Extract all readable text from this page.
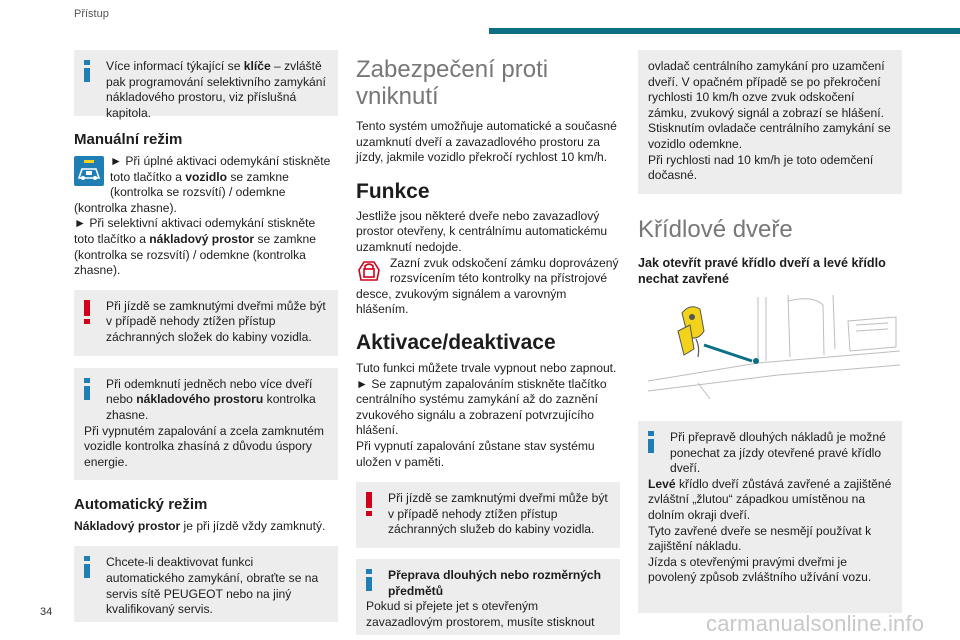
Přístup
Více informací týkající se klíče – zvláště pak programování selektivního zamykání nákladového prostoru, viz příslušná kapitola.
Manuální režim
► Při úplné aktivaci odemykání stiskněte toto tlačítko a vozidlo se zamkne (kontrolka se rozsvítí) / odemkne (kontrolka zhasne).
► Při selektivní aktivaci odemykání stiskněte toto tlačítko a nákladový prostor se zamkne (kontrolka se rozsvítí) / odemkne (kontrolka zhasne).
Při jízdě se zamknutými dveřmi může být v případě nehody ztížen přístup záchranných složek do kabiny vozidla.
Při odemknutí jedněch nebo více dveří nebo nákladového prostoru kontrolka zhasne.
Při vypnutém zapalování a zcela zamknutém vozidle kontrolka zhasíná z důvodu úspory energie.
Automatický režim
Nákladový prostor je při jízdě vždy zamknutý.
Chcete-li deaktivovat funkci automatického zamykání, obraťte se na servis sítě PEUGEOT nebo na jiný kvalifikovaný servis.
Zabezpečení proti vniknutí
Tento systém umožňuje automatické a současné uzamknutí dveří a zavazadlového prostoru za jízdy, jakmile vozidlo překročí rychlost 10 km/h.
Funkce
Jestliže jsou některé dveře nebo zavazadlový prostor otevřeny, k centrálnímu automatickému uzamknutí nedojde.
Zazní zvuk odskočení zámku doprovázený rozsvícením této kontrolky na přístrojové desce, zvukovým signálem a varovným hlášením.
Aktivace/deaktivace
Tuto funkci můžete trvale vypnout nebo zapnout.
► Se zapnutým zapalováním stiskněte tlačítko centrálního systému zamykání až do zaznění zvukového signálu a zobrazení potvrzujícího hlášení.
Při vypnutí zapalování zůstane stav systému uložen v paměti.
Při jízdě se zamknutými dveřmi může být v případě nehody ztížen přístup záchranných služeb do kabiny vozidla.
Přeprava dlouhých nebo rozměrných předmětů
Pokud si přejete jet s otevřeným zavazadlovým prostorem, musíte stisknout
ovladač centrálního zamykání pro uzamčení dveří. V opačném případě se po překročení rychlosti 10 km/h ozve zvuk odskočení zámku, zvukový signál a zobrazí se hlášení. Stisknutím ovladače centrálního zamykání se vozidlo odemkne.
Při rychlosti nad 10 km/h je toto odemčení dočasné.
Křídlové dveře
Jak otevřít pravé křídlo dveří a levé křídlo nechat zavřené
Při přepravě dlouhých nákladů je možné ponechat za jízdy otevřené pravé křídlo dveří.
Levé křídlo dveří zůstává zavřené a zajištěné zvláštní „žlutou“ západkou umístěnou na dolním okraji dveří.
Tyto zavřené dveře se nesmějí používat k zajištění nákladu.
Jízda s otevřenými pravými dveřmi je povolený způsob zvláštního užívání vozu.
34	carmanualsonline.info
